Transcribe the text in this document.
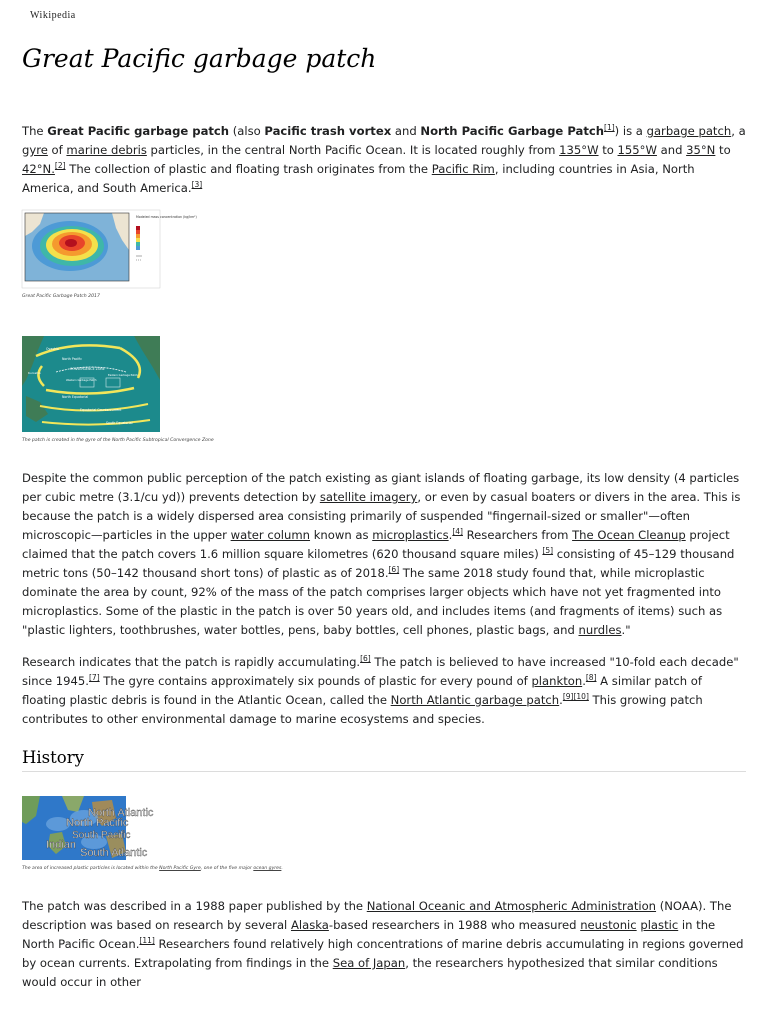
Wikipedia
Great Pacific garbage patch

The Great Pacific garbage patch (also Pacific trash vortex and North Pacific Garbage Patch[1]) is a garbage patch, a gyre of marine debris particles, in the central North Pacific Ocean. It is located roughly from 135°W to 155°W and 35°N to 42°N.[2] The collection of plastic and floating trash originates from the Pacific Rim, including countries in Asia, North America, and South America.[3]

Modeled mass concentration (kg/km²)
Great Pacific Garbage Patch 2017
Oyashio
North Pacific
CONVERGENCE ZONE
Western Garbage Patch
Eastern Garbage Patch
Kuroshio
North Equatorial
Equatorial Countercurrent
South Equatorial
The patch is created in the gyre of the North Pacific Subtropical Convergence Zone

Despite the common public perception of the patch existing as giant islands of floating garbage, its low density (4 particles per cubic metre (3.1/cu yd)) prevents detection by satellite imagery, or even by casual boaters or divers in the area. This is because the patch is a widely dispersed area consisting primarily of suspended "fingernail-sized or smaller"—often microscopic—particles in the upper water column known as microplastics.[4] Researchers from The Ocean Cleanup project claimed that the patch covers 1.6 million square kilometres (620 thousand square miles) [5] consisting of 45–129 thousand metric tons (50–142 thousand short tons) of plastic as of 2018.[6] The same 2018 study found that, while microplastic dominate the area by count, 92% of the mass of the patch comprises larger objects which have not yet fragmented into microplastics. Some of the plastic in the patch is over 50 years old, and includes items (and fragments of items) such as "plastic lighters, toothbrushes, water bottles, pens, baby bottles, cell phones, plastic bags, and nurdles."

Research indicates that the patch is rapidly accumulating.[6] The patch is believed to have increased "10-fold each decade" since 1945.[7] The gyre contains approximately six pounds of plastic for every pound of plankton.[8] A similar patch of floating plastic debris is found in the Atlantic Ocean, called the North Atlantic garbage patch.[9][10] This growing patch contributes to other environmental damage to marine ecosystems and species.

History
North Atlantic
North Pacific
South Pacific
Indian
South Atlantic
The area of increased plastic particles is located within the North Pacific Gyre, one of the five major ocean gyres.

The patch was described in a 1988 paper published by the National Oceanic and Atmospheric Administration (NOAA). The description was based on research by several Alaska-based researchers in 1988 who measured neustonic plastic in the North Pacific Ocean.[11] Researchers found relatively high concentrations of marine debris accumulating in regions governed by ocean currents. Extrapolating from findings in the Sea of Japan, the researchers hypothesized that similar conditions would occur in other
